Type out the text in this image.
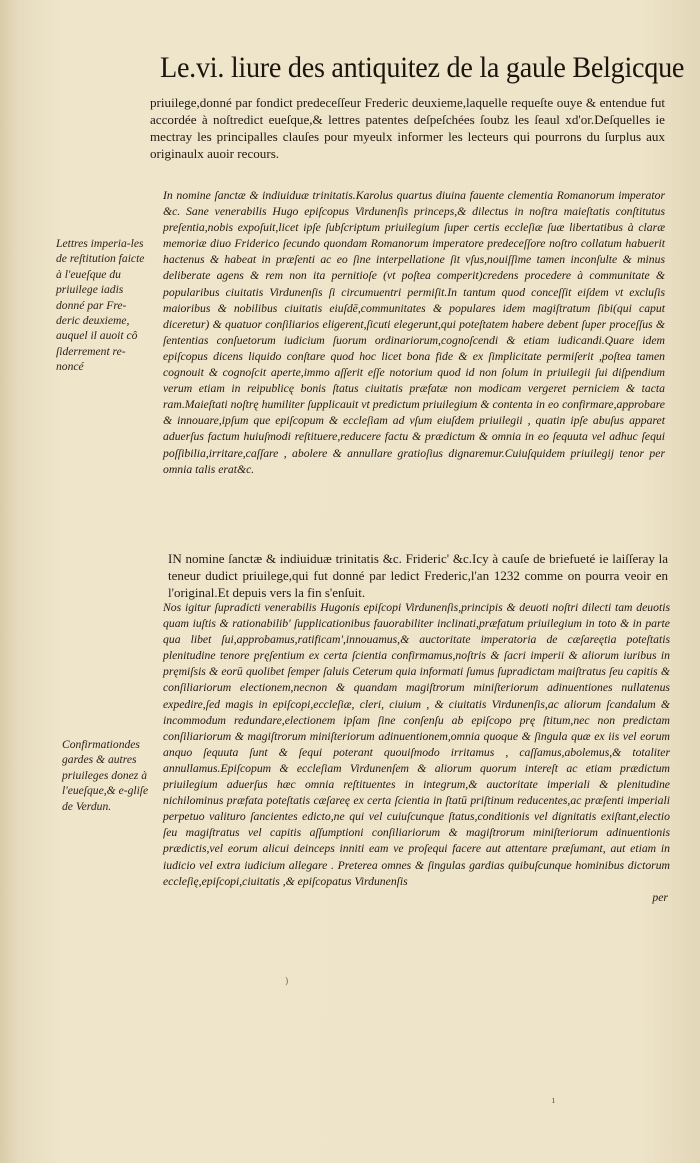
Le.vi. liure des antiquitez de la gaule Belgicque

priuilege,donné par fondict predeceſſeur Frederic deuxieme,laquelle requeſte ouye & entendue fut accordée à noſtredict eueſque,& lettres patentes deſpeſchées ſoubz les ſeaul xd'or.Deſquelles ie mectray les principalles clauſes pour myeulx informer les lecteurs qui pourrons du ſurplus aux originaulx auoir recours.

Lettres imperia-les de reſtitution faicte à l'eueſque du priuilege iadis donné par Fre-deric deuxieme, auquel il auoit cô ſiderrement re-noncé
In nomine ſanctæ & indiuiduæ trinitatis.Karolus quartus diuina fauente clementia Romanorum imperator &c. Sane venerabilis Hugo epiſcopus Virdunenſis princeps,& dilectus in noſtra maieſtatis conſtitutus preſentia,nobis expoſuit,licet ipſe ſubſcriptum priuilegium ſuper certis eccleſiæ ſuæ libertatibus à claræ memoriæ diuo Friderico ſecundo quondam Romanorum imperatore predeceſſore noſtro collatum habuerit hactenus & habeat in præſenti ac eo ſine interpellatione ſit vſus,nouiſſime tamen inconſulte & minus deliberate agens & rem non ita pernitioſe (vt poſtea comperit)credens procedere à communitate & popularibus ciuitatis Virdunenſis ſi circumuentri permiſit.In tantum quod conceſſit eiſdem vt excluſis maioribus & nobilibus ciuitatis eiuſdē,communitates & populares idem magiſtratum ſibi(qui caput diceretur) & quatuor conſiliarios eligerent,ſicuti elegerunt,qui poteſtatem habere debent ſuper proceſſus & ſententias conſuetorum iudicium ſuorum ordinariorum,cognoſcendi & etiam iudicandi.Quare idem epiſcopus dicens liquido conſtare quod hoc licet bona fide & ex ſimplicitate permiſerit ,poſtea tamen cognouit & cognoſcit aperte,immo aſſerit eſſe notorium quod id non ſolum in priuilegii ſui diſpendium verum etiam in reipublicę bonis ſtatus ciuitatis præfatæ non modicam vergeret perniciem & tacta ram.Maieſtati noſtrę humiliter ſupplicauit vt predictum priuilegium & contenta in eo confirmare,approbare & innouare,ipſum que epiſcopum & eccleſiam ad vſum eiuſdem priuilegii , quatin ipſe abuſus apparet aduerſus factum huiuſmodi reſtituere,reducere factu & prædictum & omnia in eo ſequuta vel adhuc ſequi poſſibilia,irritare,caſſare , abolere & annullare gratioſius dignaremur.Cuiuſquidem priuilegij tenor per omnia talis erat&c.
IN nomine ſanctæ & indiuiduæ trinitatis &c. Frideric' &c.Icy à cauſe de briefueté ie laiſſeray la teneur dudict priuilege,qui fut donné par ledict Frederic,l'an 1232 comme on pourra veoir en l'original.Et depuis vers la fin s'enſuit.
Confirmationdes gardes & autres priuileges donez à l'eueſque,& e-gliſe de Verdun.
Nos igitur ſupradicti venerabilis Hugonis epiſcopi Virdunenſis,principis & deuoti noſtri dilecti tam deuotis quam iuſtis & rationabilib' ſupplicationibus fauorabiliter inclinati,præfatum priuilegium in toto & in parte qua libet ſui,approbamus,ratificam',innouamus,& auctoritate imperatoria de cæſareętia poteſtatis plenitudine tenore pręſentium ex certa ſcientia confirmamus,noſtris & ſacri imperii & aliorum iuribus in pręmiſsis & eorū quolibet ſemper ſaluis Ceterum quia informati ſumus ſupradictam maiſtratus ſeu capitis & conſiliariorum electionem,necnon & quandam magiſtrorum miniſteriorum adinuentiones nullatenus expedire,ſed magis in epiſcopi,eccleſiæ, cleri, ciuium , & ciuitatis Virdunenſis,ac aliorum ſcandalum & incommodum redundare,electionem ipſam ſine conſenſu ab epiſcopo prę ſtitum,nec non predictam conſiliariorum & magiſtrorum miniſteriorum adinuentionem,omnia quoque & ſingula quæ ex iis vel eorum anquo ſequuta ſunt & ſequi poterant quouiſmodo irritamus , caſſamus,abolemus,& totaliter annullamus.Epiſcopum & eccleſiam Virdunenſem & aliorum quorum intereſt ac etiam prædictum priuilegium aduerſus hæc omnia reſtituentes in integrum,& auctoritate imperiali & plenitudine nichilominus præfata poteſtatis cæſareę ex certa ſcientia in ſtatū priſtinum reducentes,ac præſenti imperiali perpetuo valituro ſancientes edicto,ne qui vel cuiuſcunque ſtatus,conditionis vel dignitatis exiſtant,electio ſeu magiſtratus vel capitis aſſumptioni conſiliariorum & magiſtrorum miniſteriorum adinuentionis prædictis,vel eorum alicui deinceps inniti eam ve proſequi facere aut attentare præſumant, aut etiam in iudicio vel extra iudicium allegare . Preterea omnes & ſingulas gardias quibuſcunque hominibus dictorum eccleſię,epiſcopi,ciuitatis ,& epiſcopatus Virdunenſis
per
)
ı
